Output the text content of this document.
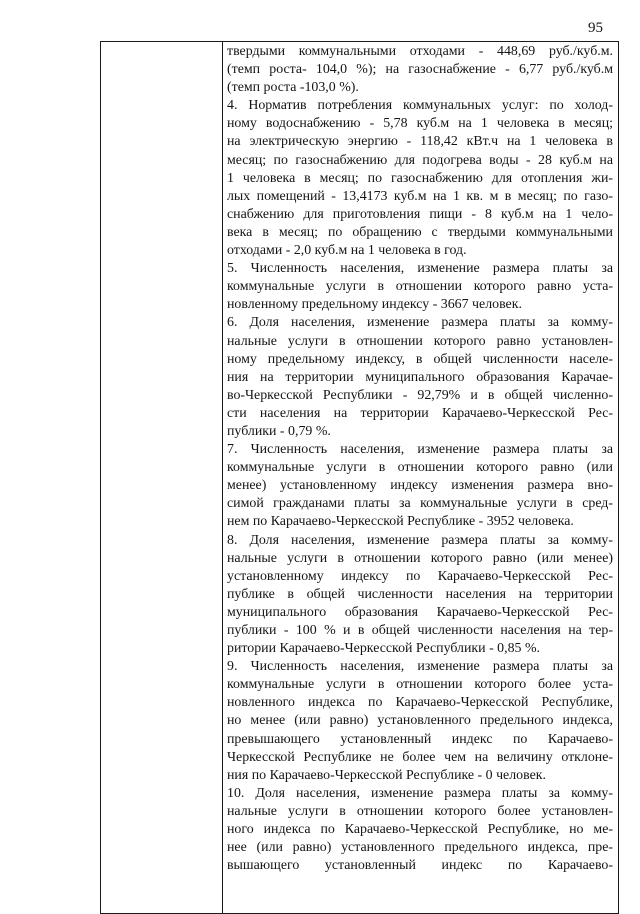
95
твердыми коммунальными отходами - 448,69 руб./куб.м.
(темп роста- 104,0 %); на газоснабжение - 6,77 руб./куб.м
(темп роста -103,0 %).
4. Норматив потребления коммунальных услуг: по холод-
ному водоснабжению - 5,78 куб.м на 1 человека в месяц;
на электрическую энергию - 118,42 кВт.ч на 1 человека в
месяц; по газоснабжению для подогрева воды - 28 куб.м на
1 человека в месяц; по газоснабжению для отопления жи-
лых помещений - 13,4173 куб.м на 1 кв. м в месяц; по газо-
снабжению для приготовления пищи - 8 куб.м на 1 чело-
века в месяц; по обращению с твердыми коммунальными
отходами - 2,0 куб.м на 1 человека в год.
5. Численность населения, изменение размера платы за
коммунальные услуги в отношении которого равно уста-
новленному предельному индексу - 3667 человек.
6. Доля населения, изменение размера платы за комму-
нальные услуги в отношении которого равно установлен-
ному предельному индексу, в общей численности населе-
ния на территории муниципального образования Карачае-
во-Черкесской Республики - 92,79% и в общей численно-
сти населения на территории Карачаево-Черкесской Рес-
публики - 0,79 %.
7. Численность населения, изменение размера платы за
коммунальные услуги в отношении которого равно (или
менее) установленному индексу изменения размера вно-
симой гражданами платы за коммунальные услуги в сред-
нем по Карачаево-Черкесской Республике - 3952 человека.
8. Доля населения, изменение размера платы за комму-
нальные услуги в отношении которого равно (или менее)
установленному индексу по Карачаево-Черкесской Рес-
публике в общей численности населения на территории
муниципального образования Карачаево-Черкесской Рес-
публики - 100 % и в общей численности населения на тер-
ритории Карачаево-Черкесской Республики - 0,85 %.
9. Численность населения, изменение размера платы за
коммунальные услуги в отношении которого более уста-
новленного индекса по Карачаево-Черкесской Республике,
но менее (или равно) установленного предельного индекса,
превышающего установленный индекс по Карачаево-
Черкесской Республике не более чем на величину отклоне-
ния по Карачаево-Черкесской Республике - 0 человек.
10. Доля населения, изменение размера платы за комму-
нальные услуги в отношении которого более установлен-
ного индекса по Карачаево-Черкесской Республике, но ме-
нее (или равно) установленного предельного индекса, пре-
вышающего установленный индекс по Карачаево-
